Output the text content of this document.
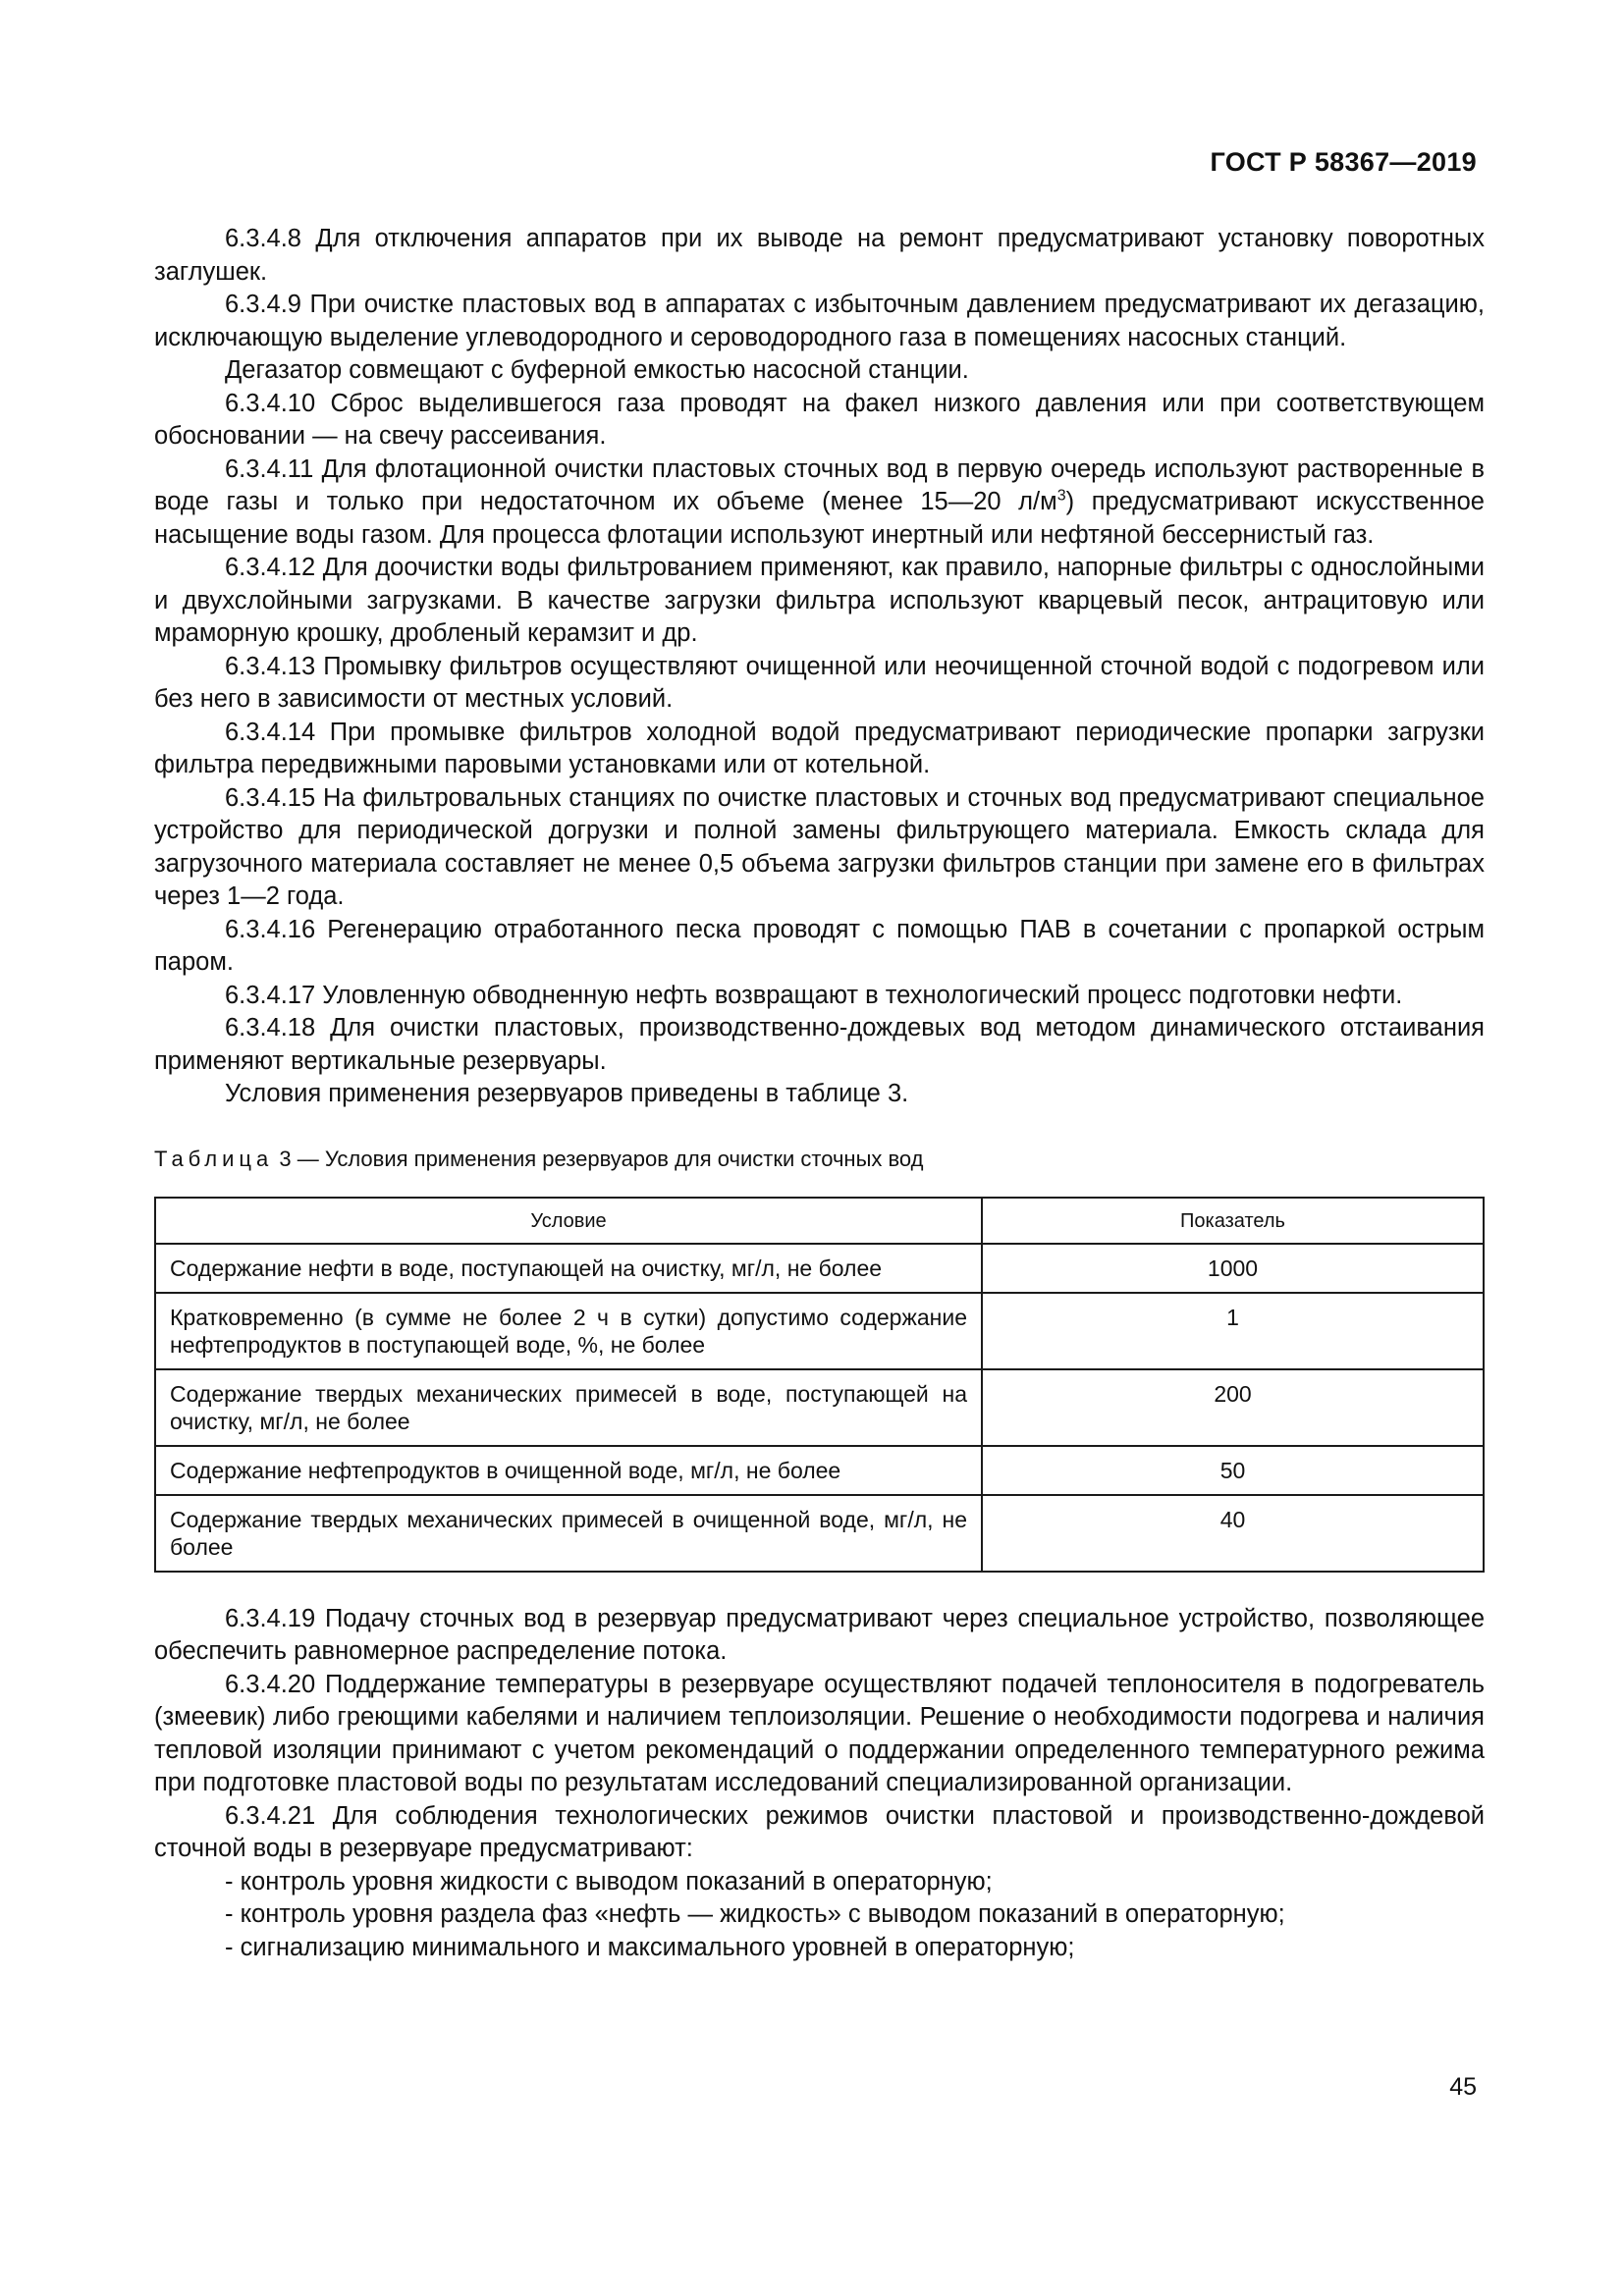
ГОСТ Р 58367—2019

6.3.4.8 Для отключения аппаратов при их выводе на ремонт предусматривают установку поворотных заглушек.

6.3.4.9 При очистке пластовых вод в аппаратах с избыточным давлением предусматривают их дегазацию, исключающую выделение углеводородного и сероводородного газа в помещениях насосных станций.

Дегазатор совмещают с буферной емкостью насосной станции.

6.3.4.10 Сброс выделившегося газа проводят на факел низкого давления или при соответствующем обосновании — на свечу рассеивания.

6.3.4.11 Для флотационной очистки пластовых сточных вод в первую очередь используют растворенные в воде газы и только при недостаточном их объеме (менее 15—20 $л/м^3$) предусматривают искусственное насыщение воды газом. Для процесса флотации используют инертный или нефтяной бессернистый газ.

6.3.4.12 Для доочистки воды фильтрованием применяют, как правило, напорные фильтры с однослойными и двухслойными загрузками. В качестве загрузки фильтра используют кварцевый песок, антрацитовую или мраморную крошку, дробленый керамзит и др.

6.3.4.13 Промывку фильтров осуществляют очищенной или неочищенной сточной водой с подогревом или без него в зависимости от местных условий.

6.3.4.14 При промывке фильтров холодной водой предусматривают периодические пропарки загрузки фильтра передвижными паровыми установками или от котельной.

6.3.4.15 На фильтровальных станциях по очистке пластовых и сточных вод предусматривают специальное устройство для периодической догрузки и полной замены фильтрующего материала. Емкость склада для загрузочного материала составляет не менее 0,5 объема загрузки фильтров станции при замене его в фильтрах через 1—2 года.

6.3.4.16 Регенерацию отработанного песка проводят с помощью ПАВ в сочетании с пропаркой острым паром.

6.3.4.17 Уловленную обводненную нефть возвращают в технологический процесс подготовки нефти.

6.3.4.18 Для очистки пластовых, производственно-дождевых вод методом динамического отстаивания применяют вертикальные резервуары.

Условия применения резервуаров приведены в таблице 3.

Таблица 3 — Условия применения резервуаров для очистки сточных вод
Условие	Показатель
Содержание нефти в воде, поступающей на очистку, мг/л, не более	1000
Кратковременно (в сумме не более 2 ч в сутки) допустимо содержание нефтепродуктов в поступающей воде, %, не более	1
Содержание твердых механических примесей в воде, поступающей на очистку, мг/л, не более	200
Содержание нефтепродуктов в очищенной воде, мг/л, не более	50
Содержание твердых механических примесей в очищенной воде, мг/л, не более	40

6.3.4.19 Подачу сточных вод в резервуар предусматривают через специальное устройство, позволяющее обеспечить равномерное распределение потока.

6.3.4.20 Поддержание температуры в резервуаре осуществляют подачей теплоносителя в подогреватель (змеевик) либо греющими кабелями и наличием теплоизоляции. Решение о необходимости подогрева и наличия тепловой изоляции принимают с учетом рекомендаций о поддержании определенного температурного режима при подготовке пластовой воды по результатам исследований специализированной организации.

6.3.4.21 Для соблюдения технологических режимов очистки пластовой и производственно-дождевой сточной воды в резервуаре предусматривают:

- контроль уровня жидкости с выводом показаний в операторную;
- контроль уровня раздела фаз «нефть — жидкость» с выводом показаний в операторную;
- сигнализацию минимального и максимального уровней в операторную;
45
